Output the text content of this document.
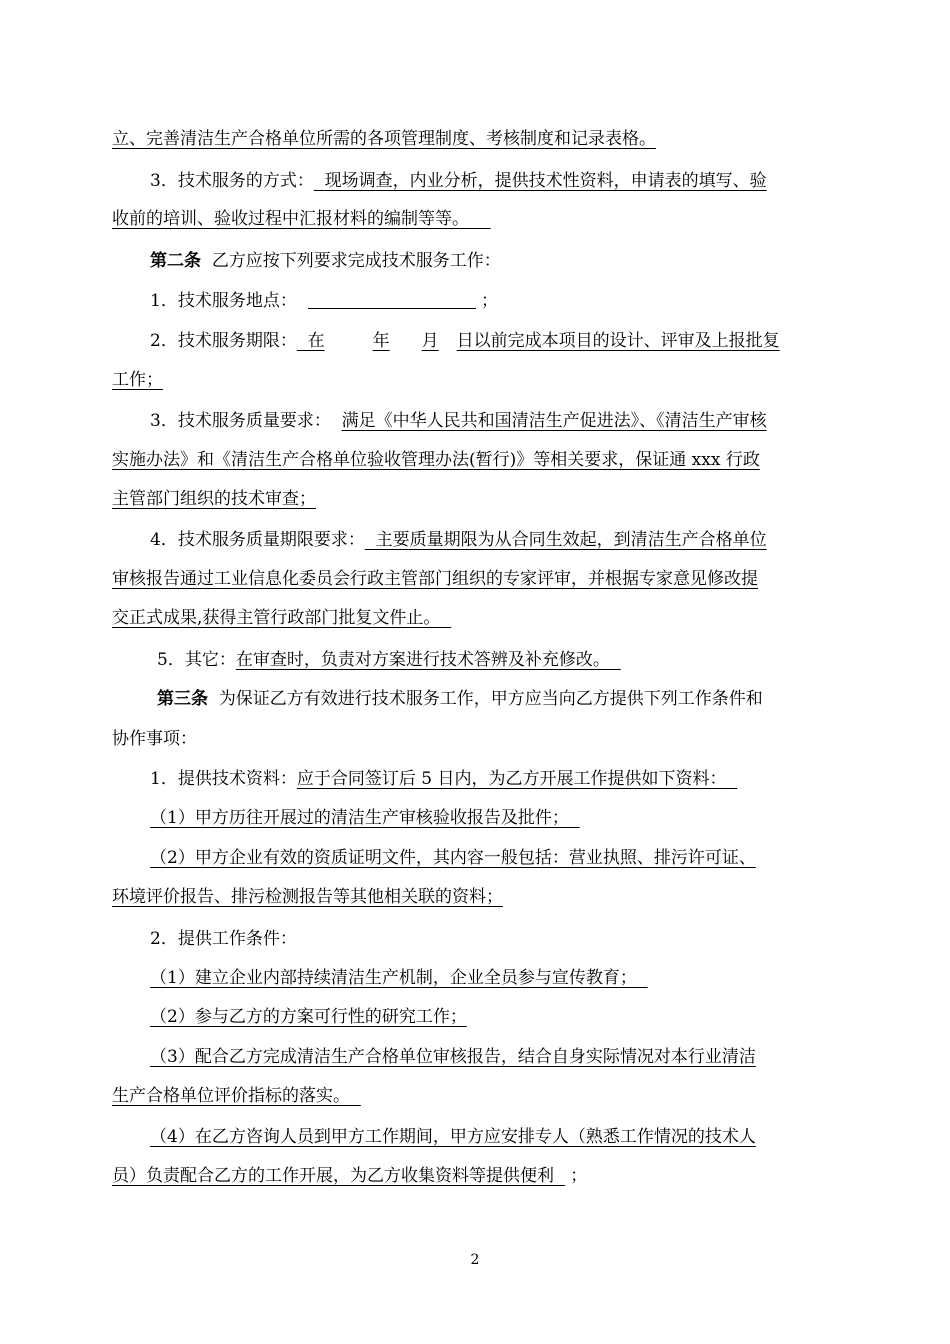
立、完善清洁生产合格单位所需的各项管理制度、考核制度和记录表格。
3．技术服务的方式： 现场调查，内业分析，提供技术性资料，申请表的填写、验
收前的培训、验收过程中汇报材料的编制等等。
第二条 乙方应按下列要求完成技术服务工作：
1．技术服务地点：	；
2．技术服务期限： 在	年 月 日以前完成本项目的设计、评审及上报批复
工作；
3．技术服务质量要求： 满足《中华人民共和国清洁生产促进法》、《清洁生产审核
实施办法》和《清洁生产合格单位验收管理办法(暂行)》等相关要求，保证通 xxx 行政
主管部门组织的技术审查；
4．技术服务质量期限要求： 主要质量期限为从合同生效起，到清洁生产合格单位
审核报告通过工业信息化委员会行政主管部门组织的专家评审，并根据专家意见修改提
交正式成果,获得主管行政部门批复文件止。
5．其它：在审查时，负责对方案进行技术答辨及补充修改。
第三条 为保证乙方有效进行技术服务工作，甲方应当向乙方提供下列工作条件和
协作事项：
1．提供技术资料：应于合同签订后 5 日内，为乙方开展工作提供如下资料：
（1）甲方历往开展过的清洁生产审核验收报告及批件；
（2）甲方企业有效的资质证明文件，其内容一般包括：营业执照、排污许可证、
环境评价报告、排污检测报告等其他相关联的资料；
2．提供工作条件：
（1）建立企业内部持续清洁生产机制，企业全员参与宣传教育；
（2）参与乙方的方案可行性的研究工作；
（3）配合乙方完成清洁生产合格单位审核报告，结合自身实际情况对本行业清洁
生产合格单位评价指标的落实。
（4）在乙方咨询人员到甲方工作期间，甲方应安排专人（熟悉工作情况的技术人
员）负责配合乙方的工作开展，为乙方收集资料等提供便利 ；
2
